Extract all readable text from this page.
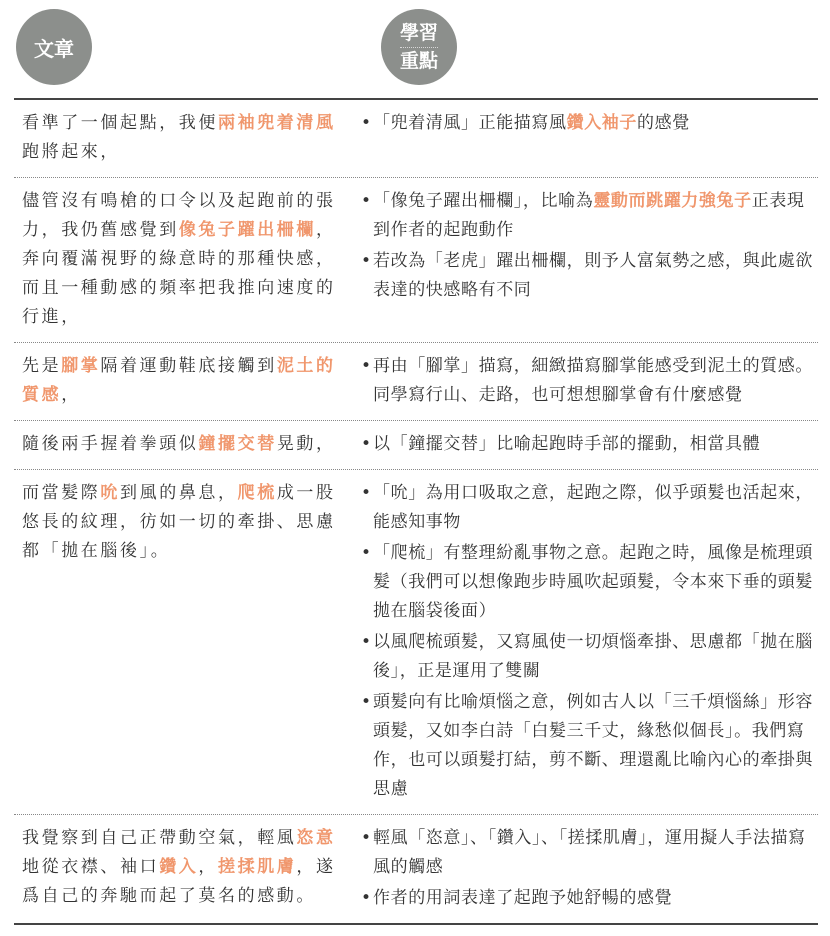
文章
學習
重點
看準了一個起點，我便兩袖兜着清風跑將起來，
• 「兜着清風」正能描寫風鑽入袖子的感覺
儘管沒有鳴槍的口令以及起跑前的張力，我仍舊感覺到像兔子躍出柵欄，奔向覆滿視野的綠意時的那種快感，而且一種動感的頻率把我推向速度的行進，
• 「像兔子躍出柵欄」，比喻為靈動而跳躍力強兔子正表現到作者的起跑動作
• 若改為「老虎」躍出柵欄，則予人富氣勢之感，與此處欲表達的快感略有不同
先是腳掌隔着運動鞋底接觸到泥土的質感，
• 再由「腳掌」描寫，細緻描寫腳掌能感受到泥土的質感。同學寫行山、走路，也可想想腳掌會有什麼感覺
隨後兩手握着拳頭似鐘擺交替晃動，	• 以「鐘擺交替」比喻起跑時手部的擺動，相當具體
而當髮際吮到風的鼻息，爬梳成一股悠長的紋理，彷如一切的牽掛、思慮都「拋在腦後」。
• 「吮」為用口吸取之意，起跑之際，似乎頭髮也活起來，能感知事物
• 「爬梳」有整理紛亂事物之意。起跑之時，風像是梳理頭髮（我們可以想像跑步時風吹起頭髮，令本來下垂的頭髮拋在腦袋後面）
• 以風爬梳頭髮，又寫風使一切煩惱牽掛、思慮都「拋在腦後」，正是運用了雙關
• 頭髮向有比喻煩惱之意，例如古人以「三千煩惱絲」形容頭髮，又如李白詩「白髮三千丈，緣愁似個長」。我們寫作，也可以頭髮打結，剪不斷、理還亂比喻內心的牽掛與思慮
我覺察到自己正帶動空氣，輕風恣意地從衣襟、袖口鑽入，搓揉肌膚，遂爲自己的奔馳而起了莫名的感動。
• 輕風「恣意」、「鑽入」、「搓揉肌膚」，運用擬人手法描寫風的觸感
• 作者的用詞表達了起跑予她舒暢的感覺
